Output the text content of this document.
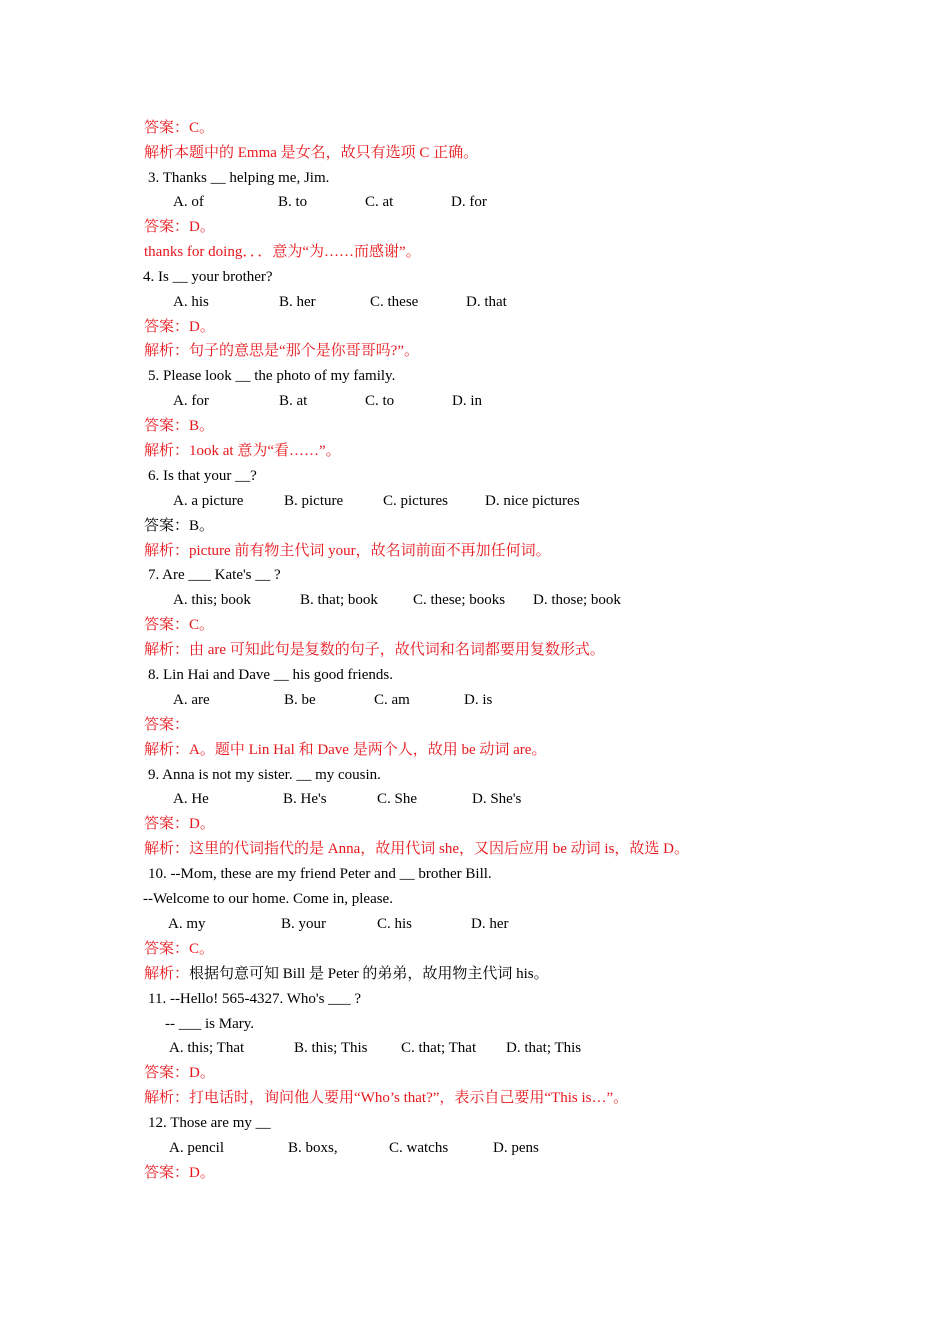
答案：C。
解析本题中的 Emma 是女名，故只有选项 C 正确。
3. Thanks __ helping me, Jim.
A. of	B. to	C. at	D. for
答案：D。
thanks for doing．．．意为“为……而感谢”。
4. Is __ your brother?
A. his	B. her	C. these	D. that
答案：D。
解析：句子的意思是“那个是你哥哥吗?”。
5. Please look __ the photo of my family.
A. for	B. at	C. to	D. in
答案：B。
解析：1ook at 意为“看……”。
6. Is that your __?
A. a picture	B. picture	C. pictures	D. nice pictures
答案：B。
解析：picture 前有物主代词 your，故名词前面不再加任何词。
7. Are ___ Kate's __ ?
A. this; book	B. that; book	C. these; books	D. those; book
答案：C。
解析：由 are 可知此句是复数的句子，故代词和名词都要用复数形式。
8. Lin Hai and Dave __ his good friends.
A. are	B. be	C. am	D. is
答案：
解析：A。题中 Lin Hal 和 Dave 是两个人，故用 be 动词 are。
9. Anna is not my sister. __ my cousin.
A. He	B. He's	C. She	D. She's
答案：D。
解析：这里的代词指代的是 Anna，故用代词 she，又因后应用 be 动词 is，故选 D。
10. --Mom, these are my friend Peter and __ brother Bill.
--Welcome to our home. Come in, please.
A. my	B. your	C. his	D. her
答案：C。
解析：根据句意可知 Bill 是 Peter 的弟弟，故用物主代词 his。
11. --Hello! 565-4327. Who's ___ ?
-- ___ is Mary.
A. this; That	B. this; This	C. that; That	D. that; This
答案：D。
解析：打电话时，询问他人要用“Who’s that?”，表示自己要用“This is…”。
12. Those are my __
A. pencil	B. boxs,	C. watchs	D. pens
答案：D。
